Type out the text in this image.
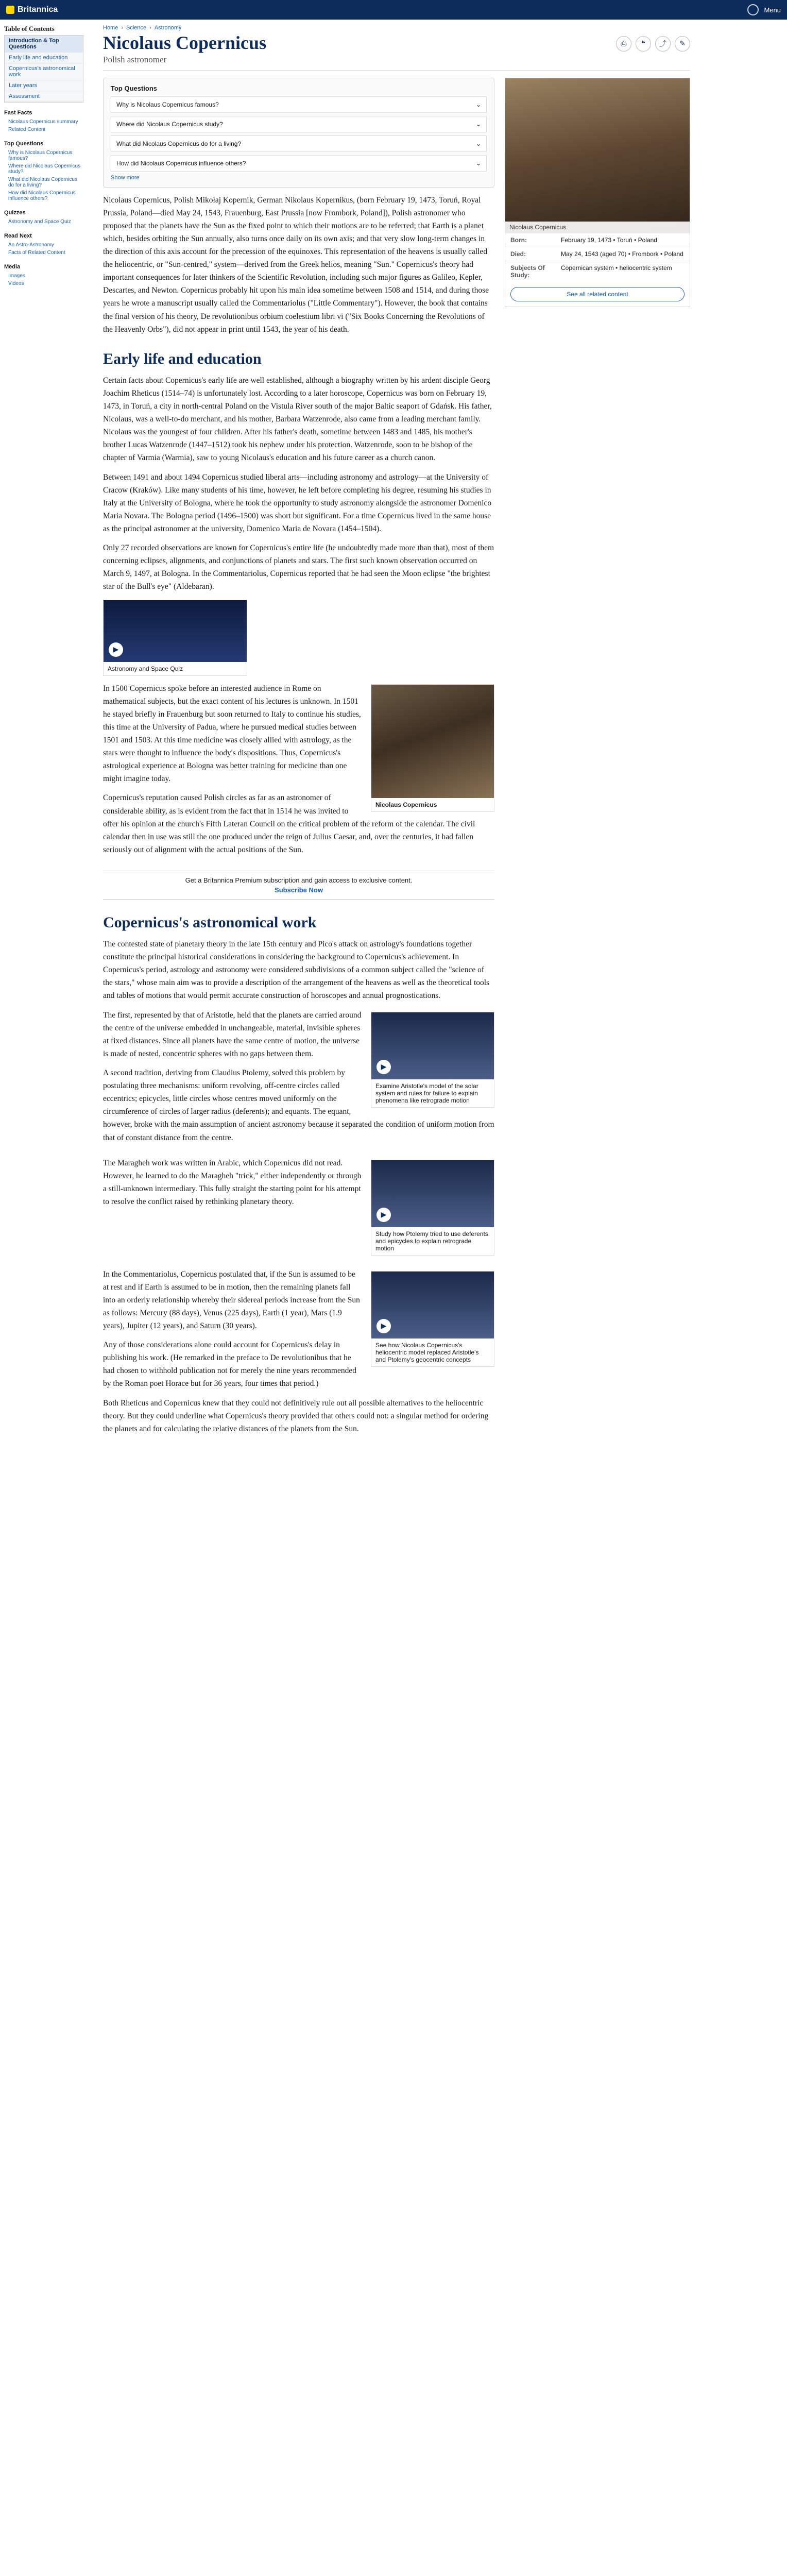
Britannica	Menu
Table of Contents
Introduction & Top Questions
Early life and education
Copernicus's astronomical work
Later years
Assessment
Fast Facts
Nicolaus Copernicus summary
Related Content
Top Questions
Why is Nicolaus Copernicus famous?
Where did Nicolaus Copernicus study?
What did Nicolaus Copernicus do for a living?
How did Nicolaus Copernicus influence others?
Quizzes
Astronomy and Space Quiz
Read Next
An Astro-Astronomy
Facts of Related Content
Media
Images
Videos
Home › Science › Astronomy
Nicolaus Copernicus
Polish astronomer
⎙	❝	⤴	✎
Top Questions
Why is Nicolaus Copernicus famous?	⌄
Where did Nicolaus Copernicus study?	⌄
What did Nicolaus Copernicus do for a living?	⌄
How did Nicolaus Copernicus influence others?	⌄
Show more

Nicolaus Copernicus, Polish Mikołaj Kopernik, German Nikolaus Kopernikus, (born February 19, 1473, Toruń, Royal Prussia, Poland—died May 24, 1543, Frauenburg, East Prussia [now Frombork, Poland]), Polish astronomer who proposed that the planets have the Sun as the fixed point to which their motions are to be referred; that Earth is a planet which, besides orbiting the Sun annually, also turns once daily on its own axis; and that very slow long-term changes in the direction of this axis account for the precession of the equinoxes. This representation of the heavens is usually called the heliocentric, or "Sun-centred," system—derived from the Greek helios, meaning "Sun." Copernicus's theory had important consequences for later thinkers of the Scientific Revolution, including such major figures as Galileo, Kepler, Descartes, and Newton. Copernicus probably hit upon his main idea sometime between 1508 and 1514, and during those years he wrote a manuscript usually called the Commentariolus ("Little Commentary"). However, the book that contains the final version of his theory, De revolutionibus orbium coelestium libri vi ("Six Books Concerning the Revolutions of the Heavenly Orbs"), did not appear in print until 1543, the year of his death.

Early life and education

Certain facts about Copernicus's early life are well established, although a biography written by his ardent disciple Georg Joachim Rheticus (1514–74) is unfortunately lost. According to a later horoscope, Copernicus was born on February 19, 1473, in Toruń, a city in north-central Poland on the Vistula River south of the major Baltic seaport of Gdańsk. His father, Nicolaus, was a well-to-do merchant, and his mother, Barbara Watzenrode, also came from a leading merchant family. Nicolaus was the youngest of four children. After his father's death, sometime between 1483 and 1485, his mother's brother Lucas Watzenrode (1447–1512) took his nephew under his protection. Watzenrode, soon to be bishop of the chapter of Varmia (Warmia), saw to young Nicolaus's education and his future career as a church canon.

Between 1491 and about 1494 Copernicus studied liberal arts—including astronomy and astrology—at the University of Cracow (Kraków). Like many students of his time, however, he left before completing his degree, resuming his studies in Italy at the University of Bologna, where he took the opportunity to study astronomy alongside the astronomer Domenico Maria Novara. The Bologna period (1496–1500) was short but significant. For a time Copernicus lived in the same house as the principal astronomer at the university, Domenico Maria de Novara (1454–1504).

Only 27 recorded observations are known for Copernicus's entire life (he undoubtedly made more than that), most of them concerning eclipses, alignments, and conjunctions of planets and stars. The first such known observation occurred on March 9, 1497, at Bologna. In the Commentariolus, Copernicus reported that he had seen the Moon eclipse "the brightest star of the Bull's eye" (Aldebaran).

▶
Astronomy and Space Quiz
Nicolaus Copernicus

In 1500 Copernicus spoke before an interested audience in Rome on mathematical subjects, but the exact content of his lectures is unknown. In 1501 he stayed briefly in Frauenburg but soon returned to Italy to continue his studies, this time at the University of Padua, where he pursued medical studies between 1501 and 1503. At this time medicine was closely allied with astrology, as the stars were thought to influence the body's dispositions. Thus, Copernicus's astrological experience at Bologna was better training for medicine than one might imagine today.

Copernicus's reputation caused Polish circles as far as an astronomer of considerable ability, as is evident from the fact that in 1514 he was invited to offer his opinion at the church's Fifth Lateran Council on the critical problem of the reform of the calendar. The civil calendar then in use was still the one produced under the reign of Julius Caesar, and, over the centuries, it had fallen seriously out of alignment with the actual positions of the Sun.

Get a Britannica Premium subscription and gain access to exclusive content.
Subscribe Now
Copernicus's astronomical work

The contested state of planetary theory in the late 15th century and Pico's attack on astrology's foundations together constitute the principal historical considerations in considering the background to Copernicus's achievement. In Copernicus's period, astrology and astronomy were considered subdivisions of a common subject called the "science of the stars," whose main aim was to provide a description of the arrangement of the heavens as well as the theoretical tools and tables of motions that would permit accurate construction of horoscopes and annual prognostications.

▶
Examine Aristotle's model of the solar system and rules for failure to explain phenomena like retrograde motion

The first, represented by that of Aristotle, held that the planets are carried around the centre of the universe embedded in unchangeable, material, invisible spheres at fixed distances. Since all planets have the same centre of motion, the universe is made of nested, concentric spheres with no gaps between them.

A second tradition, deriving from Claudius Ptolemy, solved this problem by postulating three mechanisms: uniform revolving, off-centre circles called eccentrics; epicycles, little circles whose centres moved uniformly on the circumference of circles of larger radius (deferents); and equants. The equant, however, broke with the main assumption of ancient astronomy because it separated the condition of uniform motion from that of constant distance from the centre.

▶
Study how Ptolemy tried to use deferents and epicycles to explain retrograde motion

The Maragheh work was written in Arabic, which Copernicus did not read. However, he learned to do the Maragheh "trick," either independently or through a still-unknown intermediary. This fully straight the starting point for his attempt to resolve the conflict raised by rethinking planetary theory.

▶
See how Nicolaus Copernicus's heliocentric model replaced Aristotle's and Ptolemy's geocentric concepts

In the Commentariolus, Copernicus postulated that, if the Sun is assumed to be at rest and if Earth is assumed to be in motion, then the remaining planets fall into an orderly relationship whereby their sidereal periods increase from the Sun as follows: Mercury (88 days), Venus (225 days), Earth (1 year), Mars (1.9 years), Jupiter (12 years), and Saturn (30 years).

Any of those considerations alone could account for Copernicus's delay in publishing his work. (He remarked in the preface to De revolutionibus that he had chosen to withhold publication not for merely the nine years recommended by the Roman poet Horace but for 36 years, four times that period.)

Both Rheticus and Copernicus knew that they could not definitively rule out all possible alternatives to the heliocentric theory. But they could underline what Copernicus's theory provided that others could not: a singular method for ordering the planets and for calculating the relative distances of the planets from the Sun.

Nicolaus Copernicus
Born:	February 19, 1473 • Toruń • Poland
Died:	May 24, 1543 (aged 70) • Frombork • Poland
Subjects Of Study:
Copernican system • heliocentric system
See all related content
